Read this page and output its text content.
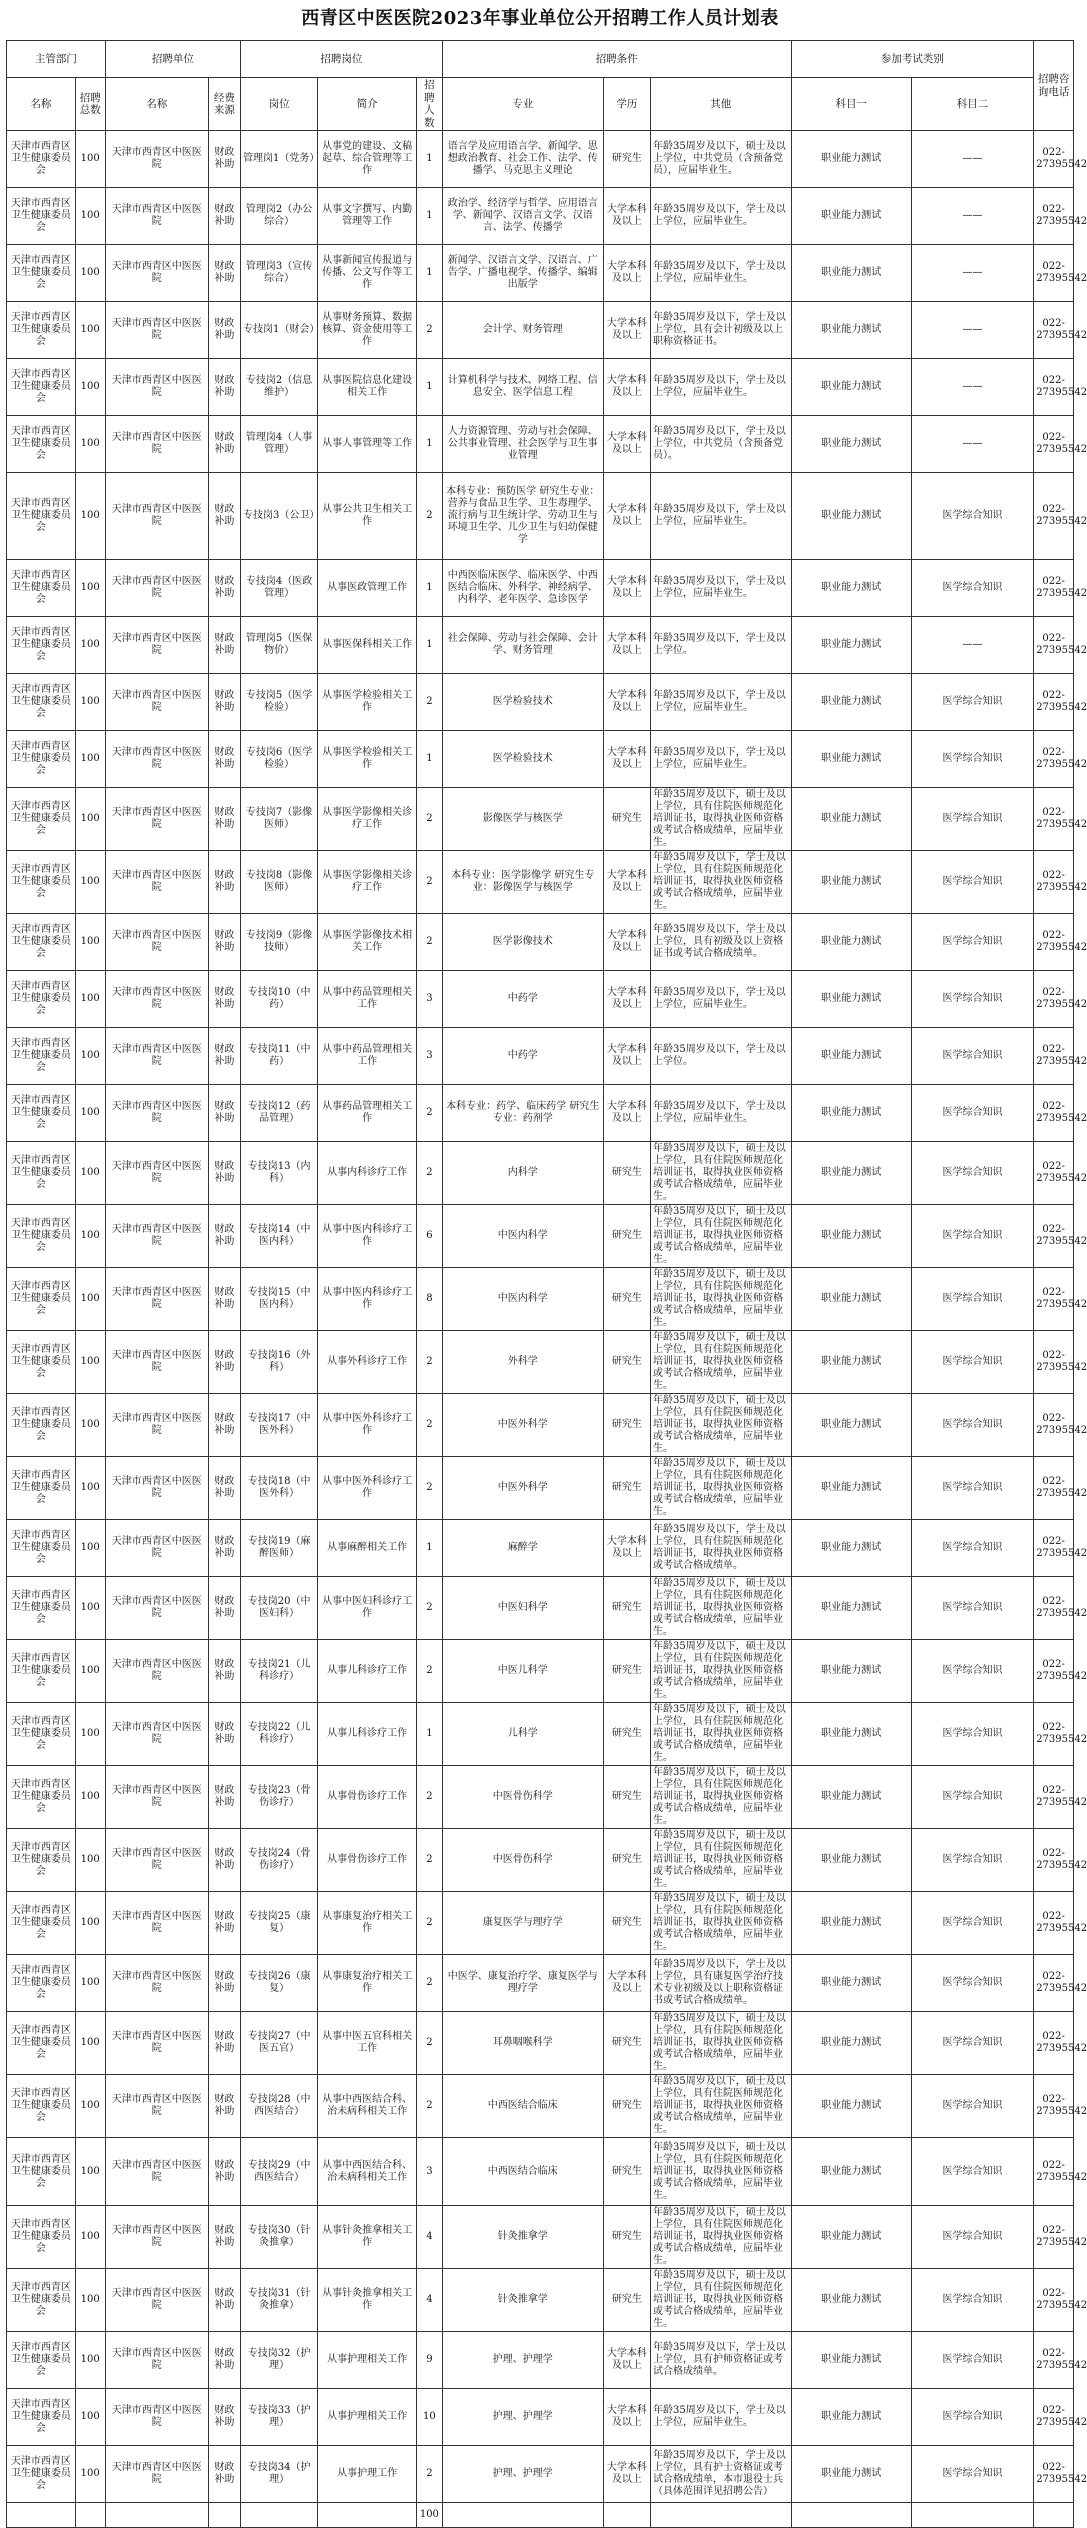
西青区中医医院2023年事业单位公开招聘工作人员计划表
主管部门		招聘单位		招聘岗位			招聘条件			参加考试类别		招聘咨询电话
名称	招聘总数	名称	经费来源	岗位	简介	招聘人数	专业	学历	其他	科目一	科目二	
天津市西青区卫生健康委员会	100	天津市西青区中医医院	财政补助	管理岗1（党务）	从事党的建设、文稿起草、综合管理等工作	1	语言学及应用语言学、新闻学、思想政治教育、社会工作、法学、传播学、马克思主义理论	研究生	年龄35周岁及以下，硕士及以上学位，中共党员（含预备党员），应届毕业生。	职业能力测试	——	022-27395542
天津市西青区卫生健康委员会	100	天津市西青区中医医院	财政补助	管理岗2（办公综合）	从事文字撰写、内勤管理等工作	1	政治学、经济学与哲学、应用语言学、新闻学、汉语言文学、汉语言、法学、传播学	大学本科及以上	年龄35周岁及以下，学士及以上学位，应届毕业生。	职业能力测试	——	022-27395542
天津市西青区卫生健康委员会	100	天津市西青区中医医院	财政补助	管理岗3（宣传综合）	从事新闻宣传报道与传播、公文写作等工作	1	新闻学、汉语言文学、汉语言、广告学、广播电视学、传播学、编辑出版学	大学本科及以上	年龄35周岁及以下，学士及以上学位，应届毕业生。	职业能力测试	——	022-27395542
天津市西青区卫生健康委员会	100	天津市西青区中医医院	财政补助	专技岗1（财会）	从事财务预算、数据核算、资金使用等工作	2	会计学、财务管理	大学本科及以上	年龄35周岁及以下，学士及以上学位，具有会计初级及以上职称资格证书。	职业能力测试	——	022-27395542
天津市西青区卫生健康委员会	100	天津市西青区中医医院	财政补助	专技岗2（信息维护）	从事医院信息化建设相关工作	1	计算机科学与技术、网络工程、信息安全、医学信息工程	大学本科及以上	年龄35周岁及以下，学士及以上学位，应届毕业生。	职业能力测试	——	022-27395542
天津市西青区卫生健康委员会	100	天津市西青区中医医院	财政补助	管理岗4（人事管理）	从事人事管理等工作	1	人力资源管理、劳动与社会保障、公共事业管理、社会医学与卫生事业管理	大学本科及以上	年龄35周岁及以下，学士及以上学位，中共党员（含预备党员）。	职业能力测试	——	022-27395542
天津市西青区卫生健康委员会	100	天津市西青区中医医院	财政补助	专技岗3（公卫）	从事公共卫生相关工作	2	本科专业：预防医学 研究生专业：营养与食品卫生学、卫生毒理学、流行病与卫生统计学、劳动卫生与环境卫生学、儿少卫生与妇幼保健学	大学本科及以上	年龄35周岁及以下，学士及以上学位，应届毕业生。	职业能力测试	医学综合知识	022-27395542
天津市西青区卫生健康委员会	100	天津市西青区中医医院	财政补助	专技岗4（医政管理）	从事医政管理工作	1	中西医临床医学、临床医学、中西医结合临床、外科学、神经病学、内科学、老年医学、急诊医学	大学本科及以上	年龄35周岁及以下，学士及以上学位，应届毕业生。	职业能力测试	医学综合知识	022-27395542
天津市西青区卫生健康委员会	100	天津市西青区中医医院	财政补助	管理岗5（医保物价）	从事医保科相关工作	1	社会保障、劳动与社会保障、会计学、财务管理	大学本科及以上	年龄35周岁及以下，学士及以上学位。	职业能力测试	——	022-27395542
天津市西青区卫生健康委员会	100	天津市西青区中医医院	财政补助	专技岗5（医学检验）	从事医学检验相关工作	2	医学检验技术	大学本科及以上	年龄35周岁及以下，学士及以上学位，应届毕业生。	职业能力测试	医学综合知识	022-27395542
天津市西青区卫生健康委员会	100	天津市西青区中医医院	财政补助	专技岗6（医学检验）	从事医学检验相关工作	1	医学检验技术	大学本科及以上	年龄35周岁及以下，学士及以上学位，应届毕业生。	职业能力测试	医学综合知识	022-27395542
天津市西青区卫生健康委员会	100	天津市西青区中医医院	财政补助	专技岗7（影像医师）	从事医学影像相关诊疗工作	2	影像医学与核医学	研究生	年龄35周岁及以下，硕士及以上学位，具有住院医师规范化培训证书，取得执业医师资格或考试合格成绩单，应届毕业生。	职业能力测试	医学综合知识	022-27395542
天津市西青区卫生健康委员会	100	天津市西青区中医医院	财政补助	专技岗8（影像医师）	从事医学影像相关诊疗工作	2	本科专业：医学影像学 研究生专业：影像医学与核医学	大学本科及以上	年龄35周岁及以下，学士及以上学位，具有住院医师规范化培训证书，取得执业医师资格或考试合格成绩单，应届毕业生。	职业能力测试	医学综合知识	022-27395542
天津市西青区卫生健康委员会	100	天津市西青区中医医院	财政补助	专技岗9（影像技师）	从事医学影像技术相关工作	2	医学影像技术	大学本科及以上	年龄35周岁及以下，学士及以上学位，具有初级及以上资格证书或考试合格成绩单。	职业能力测试	医学综合知识	022-27395542
天津市西青区卫生健康委员会	100	天津市西青区中医医院	财政补助	专技岗10（中药）	从事中药品管理相关工作	3	中药学	大学本科及以上	年龄35周岁及以下，学士及以上学位，应届毕业生。	职业能力测试	医学综合知识	022-27395542
天津市西青区卫生健康委员会	100	天津市西青区中医医院	财政补助	专技岗11（中药）	从事中药品管理相关工作	3	中药学	大学本科及以上	年龄35周岁及以下，学士及以上学位。	职业能力测试	医学综合知识	022-27395542
天津市西青区卫生健康委员会	100	天津市西青区中医医院	财政补助	专技岗12（药品管理）	从事药品管理相关工作	2	本科专业：药学、临床药学 研究生专业：药剂学	大学本科及以上	年龄35周岁及以下，学士及以上学位，应届毕业生。	职业能力测试	医学综合知识	022-27395542
天津市西青区卫生健康委员会	100	天津市西青区中医医院	财政补助	专技岗13（内科）	从事内科诊疗工作	2	内科学	研究生	年龄35周岁及以下，硕士及以上学位，具有住院医师规范化培训证书，取得执业医师资格或考试合格成绩单，应届毕业生。	职业能力测试	医学综合知识	022-27395542
天津市西青区卫生健康委员会	100	天津市西青区中医医院	财政补助	专技岗14（中医内科）	从事中医内科诊疗工作	6	中医内科学	研究生	年龄35周岁及以下，硕士及以上学位，具有住院医师规范化培训证书，取得执业医师资格或考试合格成绩单，应届毕业生。	职业能力测试	医学综合知识	022-27395542
天津市西青区卫生健康委员会	100	天津市西青区中医医院	财政补助	专技岗15（中医内科）	从事中医内科诊疗工作	8	中医内科学	研究生	年龄35周岁及以下，硕士及以上学位，具有住院医师规范化培训证书，取得执业医师资格或考试合格成绩单，应届毕业生。	职业能力测试	医学综合知识	022-27395542
天津市西青区卫生健康委员会	100	天津市西青区中医医院	财政补助	专技岗16（外科）	从事外科诊疗工作	2	外科学	研究生	年龄35周岁及以下，硕士及以上学位，具有住院医师规范化培训证书，取得执业医师资格或考试合格成绩单，应届毕业生。	职业能力测试	医学综合知识	022-27395542
天津市西青区卫生健康委员会	100	天津市西青区中医医院	财政补助	专技岗17（中医外科）	从事中医外科诊疗工作	2	中医外科学	研究生	年龄35周岁及以下，硕士及以上学位，具有住院医师规范化培训证书，取得执业医师资格或考试合格成绩单，应届毕业生。	职业能力测试	医学综合知识	022-27395542
天津市西青区卫生健康委员会	100	天津市西青区中医医院	财政补助	专技岗18（中医外科）	从事中医外科诊疗工作	2	中医外科学	研究生	年龄35周岁及以下，硕士及以上学位，具有住院医师规范化培训证书，取得执业医师资格或考试合格成绩单，应届毕业生。	职业能力测试	医学综合知识	022-27395542
天津市西青区卫生健康委员会	100	天津市西青区中医医院	财政补助	专技岗19（麻醉医师）	从事麻醉相关工作	1	麻醉学	大学本科及以上	年龄35周岁及以下，学士及以上学位，具有住院医师规范化培训证书，取得执业医师资格或考试合格成绩单。	职业能力测试	医学综合知识	022-27395542
天津市西青区卫生健康委员会	100	天津市西青区中医医院	财政补助	专技岗20（中医妇科）	从事中医妇科诊疗工作	2	中医妇科学	研究生	年龄35周岁及以下，硕士及以上学位，具有住院医师规范化培训证书，取得执业医师资格或考试合格成绩单，应届毕业生。	职业能力测试	医学综合知识	022-27395542
天津市西青区卫生健康委员会	100	天津市西青区中医医院	财政补助	专技岗21（儿科诊疗）	从事儿科诊疗工作	2	中医儿科学	研究生	年龄35周岁及以下，硕士及以上学位，具有住院医师规范化培训证书，取得执业医师资格或考试合格成绩单，应届毕业生。	职业能力测试	医学综合知识	022-27395542
天津市西青区卫生健康委员会	100	天津市西青区中医医院	财政补助	专技岗22（儿科诊疗）	从事儿科诊疗工作	1	儿科学	研究生	年龄35周岁及以下，硕士及以上学位，具有住院医师规范化培训证书，取得执业医师资格或考试合格成绩单，应届毕业生。	职业能力测试	医学综合知识	022-27395542
天津市西青区卫生健康委员会	100	天津市西青区中医医院	财政补助	专技岗23（骨伤诊疗）	从事骨伤诊疗工作	2	中医骨伤科学	研究生	年龄35周岁及以下，硕士及以上学位，具有住院医师规范化培训证书，取得执业医师资格或考试合格成绩单，应届毕业生。	职业能力测试	医学综合知识	022-27395542
天津市西青区卫生健康委员会	100	天津市西青区中医医院	财政补助	专技岗24（骨伤诊疗）	从事骨伤诊疗工作	2	中医骨伤科学	研究生	年龄35周岁及以下，硕士及以上学位，具有住院医师规范化培训证书，取得执业医师资格或考试合格成绩单，应届毕业生。	职业能力测试	医学综合知识	022-27395542
天津市西青区卫生健康委员会	100	天津市西青区中医医院	财政补助	专技岗25（康复）	从事康复治疗相关工作	2	康复医学与理疗学	研究生	年龄35周岁及以下，硕士及以上学位，具有住院医师规范化培训证书，取得执业医师资格或考试合格成绩单，应届毕业生。	职业能力测试	医学综合知识	022-27395542
天津市西青区卫生健康委员会	100	天津市西青区中医医院	财政补助	专技岗26（康复）	从事康复治疗相关工作	2	中医学、康复治疗学、康复医学与理疗学	大学本科及以上	年龄35周岁及以下，学士及以上学位，具有康复医学治疗技术专业初级及以上职称资格证书或考试合格成绩单。	职业能力测试	医学综合知识	022-27395542
天津市西青区卫生健康委员会	100	天津市西青区中医医院	财政补助	专技岗27（中医五官）	从事中医五官科相关工作	2	耳鼻咽喉科学	研究生	年龄35周岁及以下，硕士及以上学位，具有住院医师规范化培训证书，取得执业医师资格或考试合格成绩单，应届毕业生。	职业能力测试	医学综合知识	022-27395542
天津市西青区卫生健康委员会	100	天津市西青区中医医院	财政补助	专技岗28（中西医结合）	从事中西医结合科、治未病科相关工作	2	中西医结合临床	研究生	年龄35周岁及以下，硕士及以上学位，具有住院医师规范化培训证书，取得执业医师资格或考试合格成绩单，应届毕业生。	职业能力测试	医学综合知识	022-27395542
天津市西青区卫生健康委员会	100	天津市西青区中医医院	财政补助	专技岗29（中西医结合）	从事中西医结合科、治未病科相关工作	3	中西医结合临床	研究生	年龄35周岁及以下，硕士及以上学位，具有住院医师规范化培训证书，取得执业医师资格或考试合格成绩单，应届毕业生。	职业能力测试	医学综合知识	022-27395542
天津市西青区卫生健康委员会	100	天津市西青区中医医院	财政补助	专技岗30（针灸推拿）	从事针灸推拿相关工作	4	针灸推拿学	研究生	年龄35周岁及以下，硕士及以上学位，具有住院医师规范化培训证书，取得执业医师资格或考试合格成绩单，应届毕业生。	职业能力测试	医学综合知识	022-27395542
天津市西青区卫生健康委员会	100	天津市西青区中医医院	财政补助	专技岗31（针灸推拿）	从事针灸推拿相关工作	4	针灸推拿学	研究生	年龄35周岁及以下，硕士及以上学位，具有住院医师规范化培训证书，取得执业医师资格或考试合格成绩单，应届毕业生。	职业能力测试	医学综合知识	022-27395542
天津市西青区卫生健康委员会	100	天津市西青区中医医院	财政补助	专技岗32（护理）	从事护理相关工作	9	护理、护理学	大学本科及以上	年龄35周岁及以下，学士及以上学位，具有护师资格证或考试合格成绩单。	职业能力测试	医学综合知识	022-27395542
天津市西青区卫生健康委员会	100	天津市西青区中医医院	财政补助	专技岗33（护理）	从事护理相关工作	10	护理、护理学	大学本科及以上	年龄35周岁及以下，学士及以上学位，应届毕业生。	职业能力测试	医学综合知识	022-27395542
天津市西青区卫生健康委员会	100	天津市西青区中医医院	财政补助	专技岗34（护理）	从事护理工作	2	护理、护理学	大学本科及以上	年龄35周岁及以下，学士及以上学位，具有护士资格证或考试合格成绩单，本市退役士兵（具体范围详见招聘公告）	职业能力测试	医学综合知识	022-27395542
						100						
